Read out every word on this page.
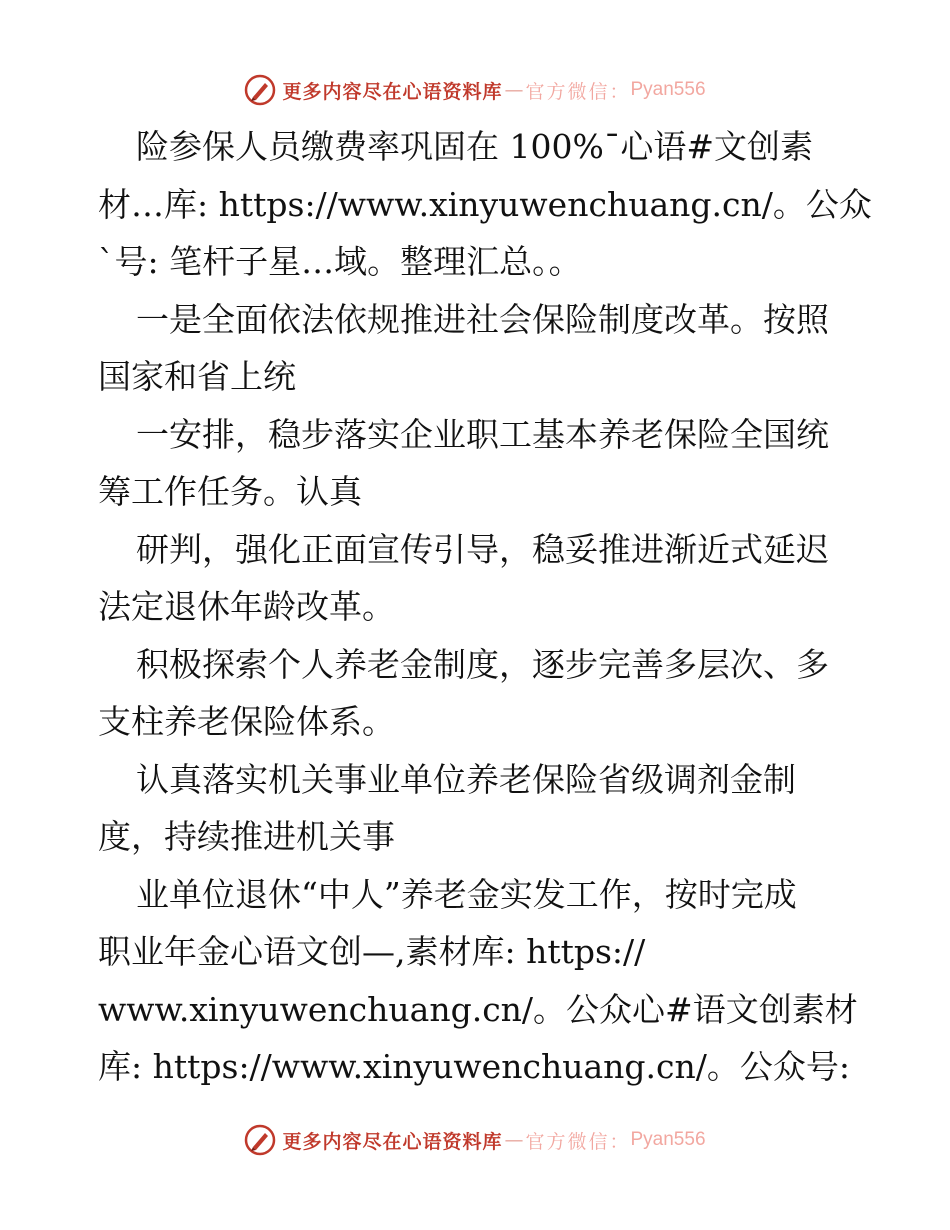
更多内容尽在心语资料库 — 官方微信： Pyan556
险参保人员缴费率巩固在 100%¯心语#文创素
材…库: https://www.xinyuwenchuang.cn/。公众
`号: 笔杆子星…域。整理汇总。。
一是全面依法依规推进社会保险制度改革。按照
国家和省上统
一安排，稳步落实企业职工基本养老保险全国统
筹工作任务。认真
研判，强化正面宣传引导，稳妥推进渐近式延迟
法定退休年龄改革。
积极探索个人养老金制度，逐步完善多层次、多
支柱养老保险体系。
认真落实机关事业单位养老保险省级调剂金制
度，持续推进机关事
业单位退休“中人”养老金实发工作，按时完成
职业年金心语文创—,素材库: https://
www.xinyuwenchuang.cn/。公众心#语文创素材
库: https://www.xinyuwenchuang.cn/。公众号:
更多内容尽在心语资料库 — 官方微信： Pyan556
